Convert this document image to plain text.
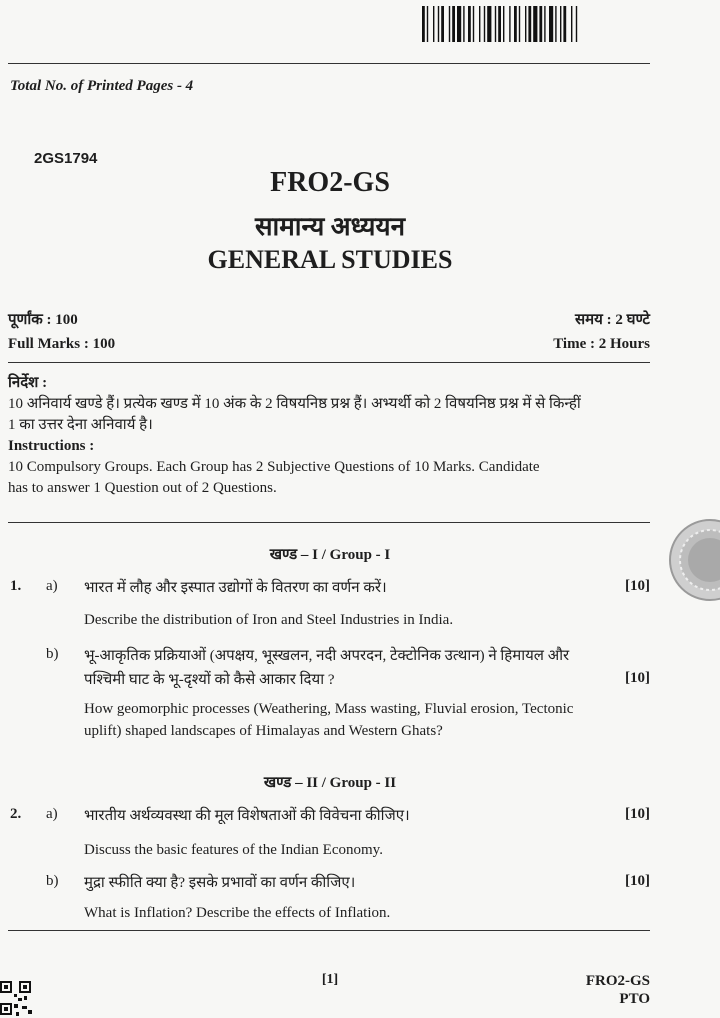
Total No. of Printed Pages - 4
2GS1794
FRO2-GS
सामान्य अध्ययन
GENERAL STUDIES
पूर्णांक : 100	समय : 2 घण्टे
Full Marks : 100	Time : 2 Hours
निर्देश :
10 अनिवार्य खण्डे हैं। प्रत्येक खण्ड में 10 अंक के 2 विषयनिष्ठ प्रश्न हैं। अभ्यर्थी को 2 विषयनिष्ठ प्रश्न में से किन्हीं
1 का उत्तर देना अनिवार्य है।
Instructions :
10 Compulsory Groups. Each Group has 2 Subjective Questions of 10 Marks. Candidate
has to answer 1 Question out of 2 Questions.
खण्ड – I / Group - I
1. a) भारत में लौह और इस्पात उद्योगों के वितरण का वर्णन करें।	[10]
Describe the distribution of Iron and Steel Industries in India.
b) भू-आकृतिक प्रक्रियाओं (अपक्षय, भूस्खलन, नदी अपरदन, टेक्टोनिक उत्थान) ने हिमायल और
पश्चिमी घाट के भू-दृश्यों को कैसे आकार दिया ?	[10]
How geomorphic processes (Weathering, Mass wasting, Fluvial erosion, Tectonic
uplift) shaped landscapes of Himalayas and Western Ghats?
खण्ड – II / Group - II
2. a) भारतीय अर्थव्यवस्था की मूल विशेषताओं की विवेचना कीजिए।	[10]
Discuss the basic features of the Indian Economy.
b) मुद्रा स्फीति क्या है? इसके प्रभावों का वर्णन कीजिए।	[10]
What is Inflation? Describe the effects of Inflation.
[1]	FRO2-GS
PTO
